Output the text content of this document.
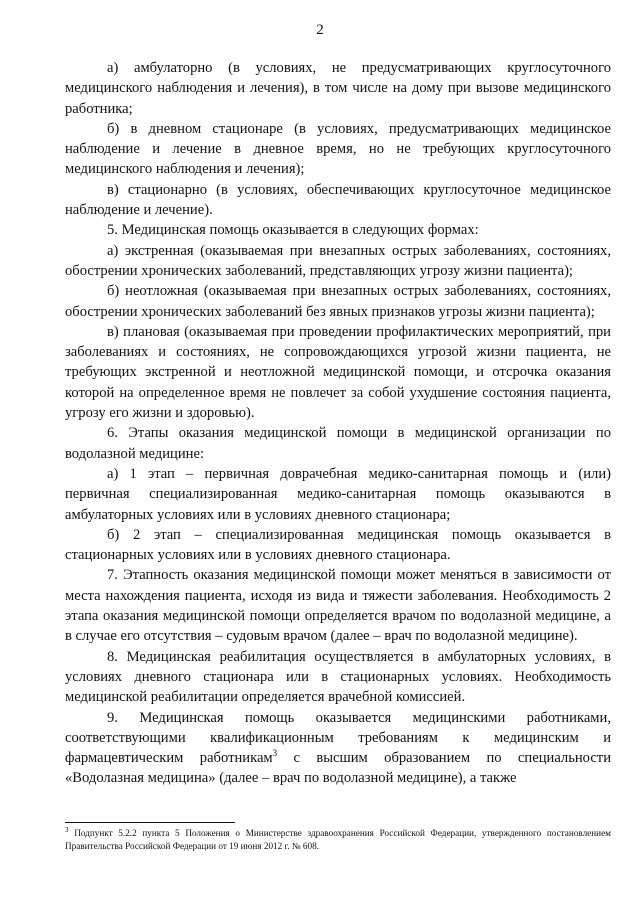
2

а) амбулаторно (в условиях, не предусматривающих круглосуточного медицинского наблюдения и лечения), в том числе на дому при вызове медицинского работника;

б) в дневном стационаре (в условиях, предусматривающих медицинское наблюдение и лечение в дневное время, но не требующих круглосуточного медицинского наблюдения и лечения);

в) стационарно (в условиях, обеспечивающих круглосуточное медицинское наблюдение и лечение).

5. Медицинская помощь оказывается в следующих формах:

а) экстренная (оказываемая при внезапных острых заболеваниях, состояниях, обострении хронических заболеваний, представляющих угрозу жизни пациента);

б) неотложная (оказываемая при внезапных острых заболеваниях, состояниях, обострении хронических заболеваний без явных признаков угрозы жизни пациента);

в) плановая (оказываемая при проведении профилактических мероприятий, при заболеваниях и состояниях, не сопровождающихся угрозой жизни пациента, не требующих экстренной и неотложной медицинской помощи, и отсрочка оказания которой на определенное время не повлечет за собой ухудшение состояния пациента, угрозу его жизни и здоровью).

6. Этапы оказания медицинской помощи в медицинской организации по водолазной медицине:

а) 1 этап – первичная доврачебная медико-санитарная помощь и (или) первичная специализированная медико-санитарная помощь оказываются в амбулаторных условиях или в условиях дневного стационара;

б) 2 этап – специализированная медицинская помощь оказывается в стационарных условиях или в условиях дневного стационара.

7. Этапность оказания медицинской помощи может меняться в зависимости от места нахождения пациента, исходя из вида и тяжести заболевания. Необходимость 2 этапа оказания медицинской помощи определяется врачом по водолазной медицине, а в случае его отсутствия – судовым врачом (далее – врач по водолазной медицине).

8. Медицинская реабилитация осуществляется в амбулаторных условиях, в условиях дневного стационара или в стационарных условиях. Необходимость медицинской реабилитации определяется врачебной комиссией.

9. Медицинская помощь оказывается медицинскими работниками, соответствующими квалификационным требованиям к медицинским и фармацевтическим работникам$^3$ с высшим образованием по специальности «Водолазная медицина» (далее – врач по водолазной медицине), а также

$^3$ Подпункт 5.2.2 пункта 5 Положения о Министерстве здравоохранения Российской Федерации, утвержденного постановлением Правительства Российской Федерации от 19 июня 2012 г. № 608.
